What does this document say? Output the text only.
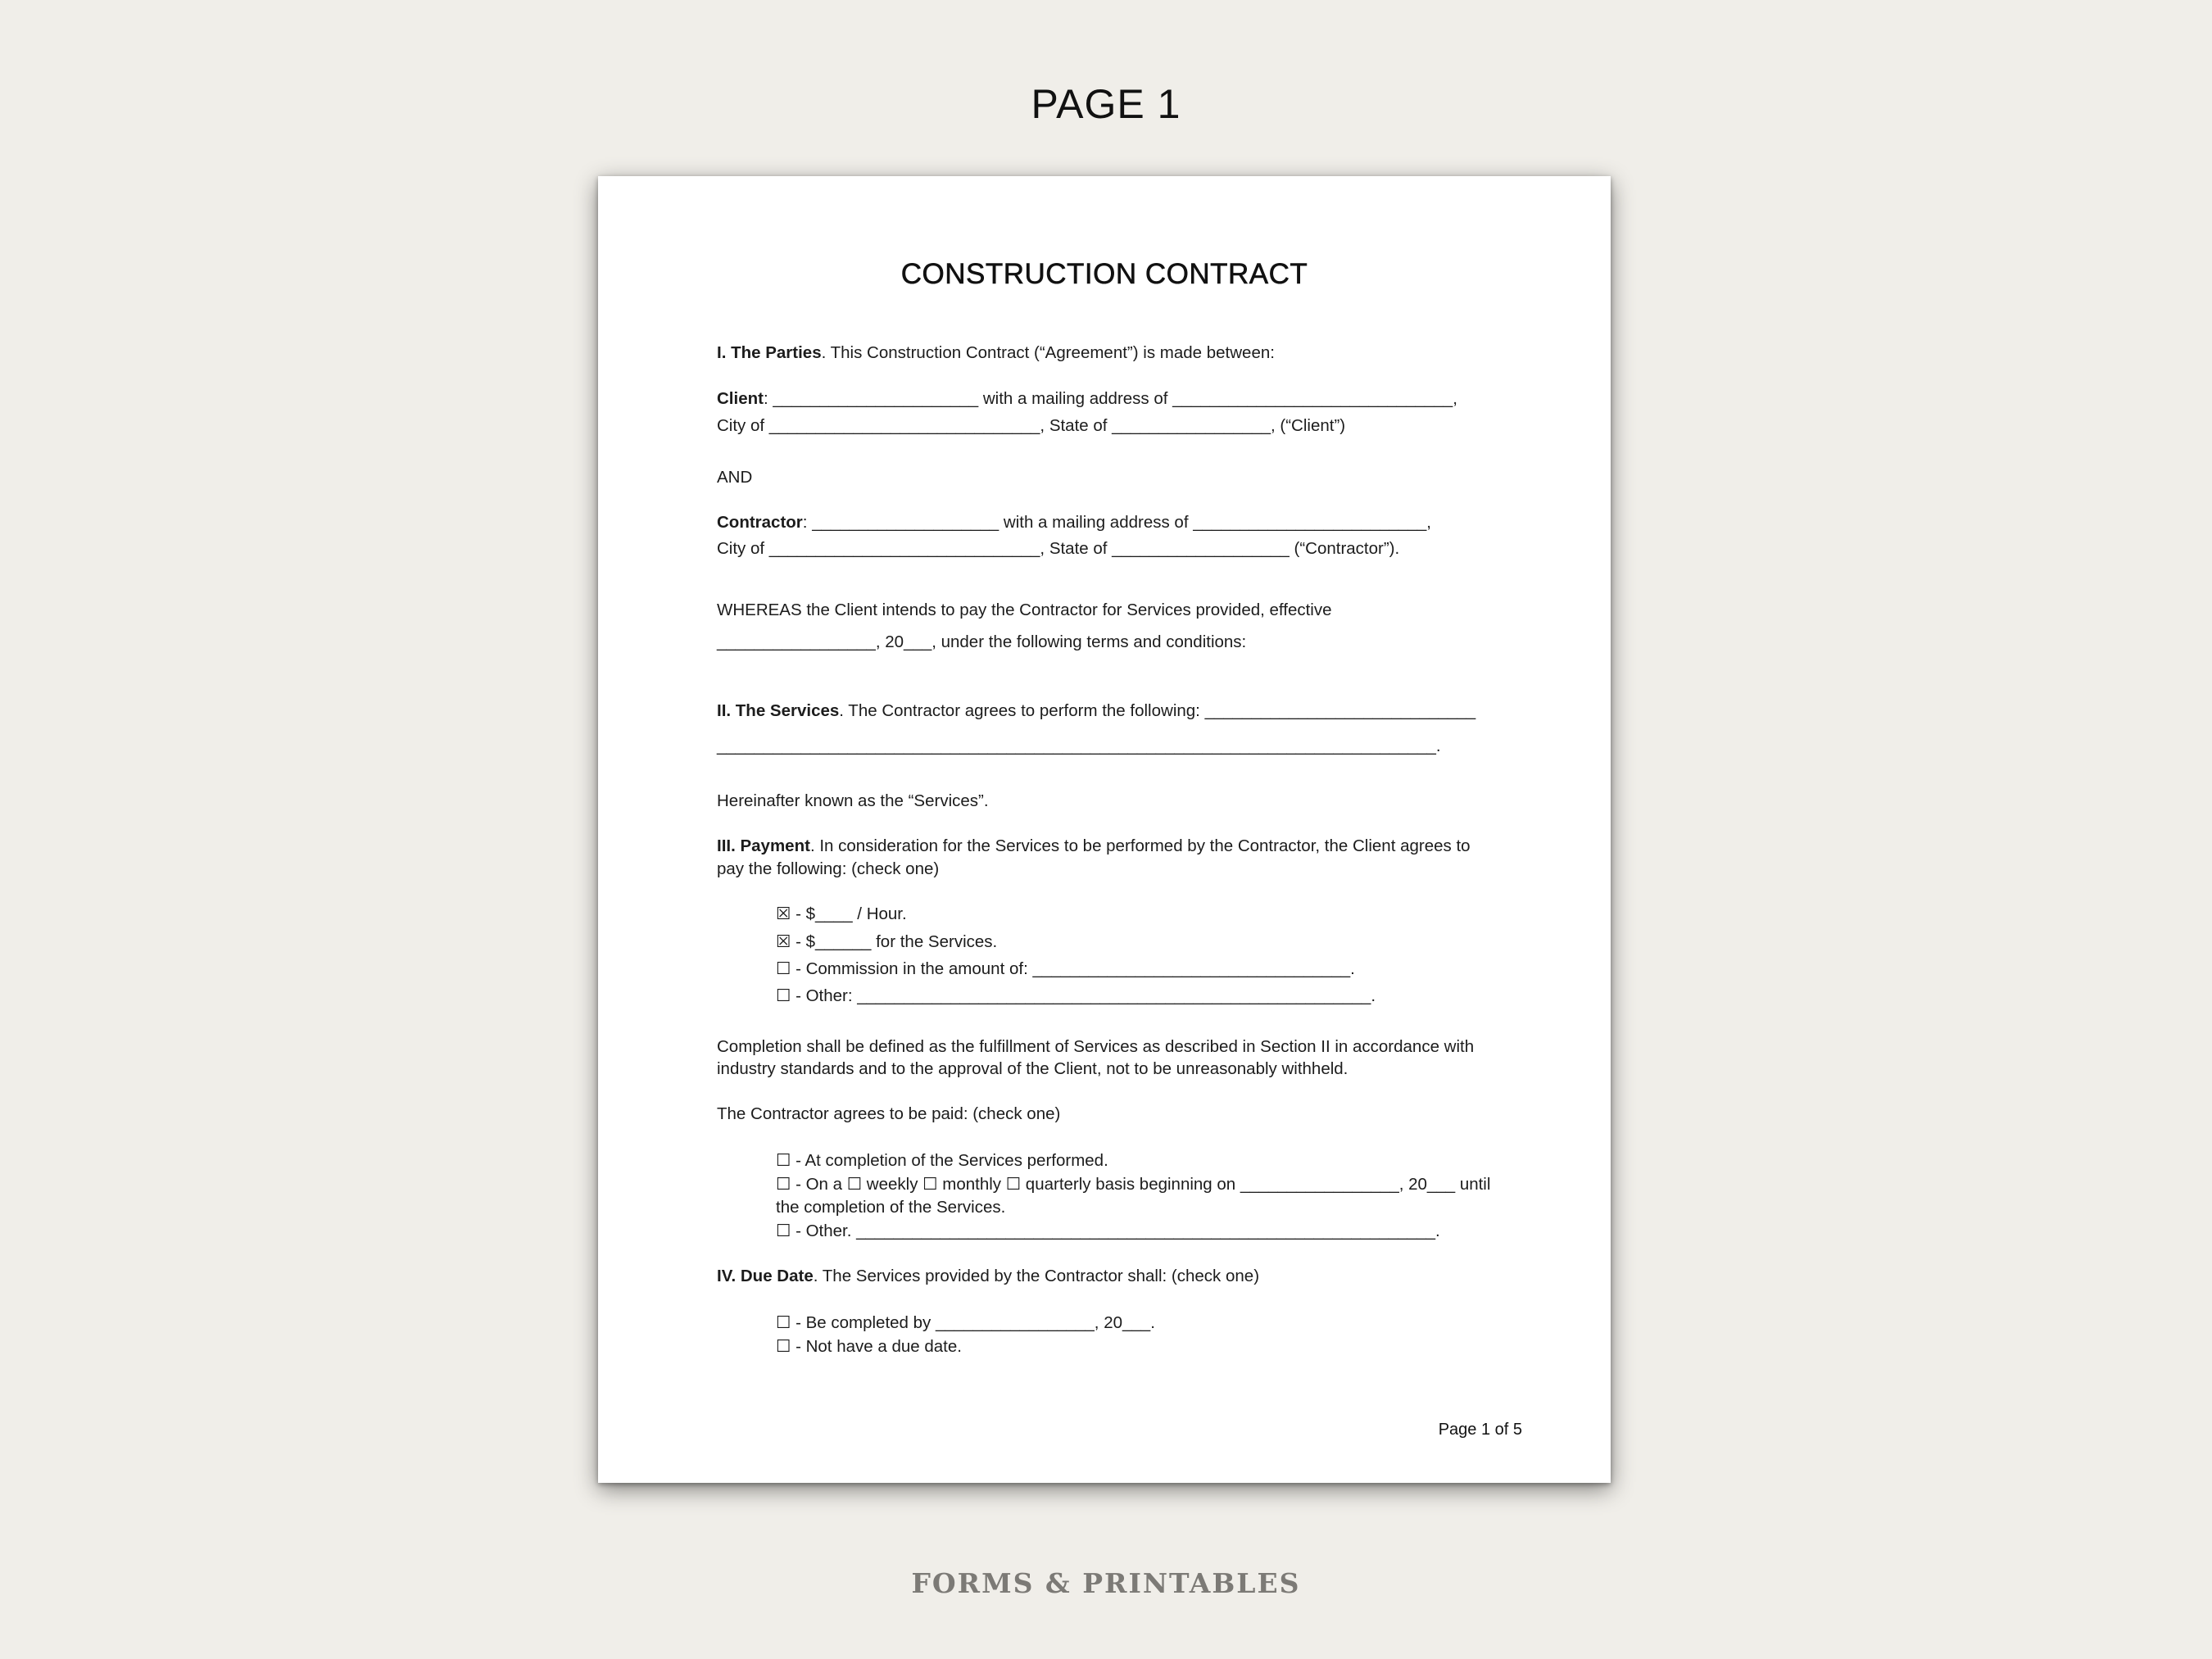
PAGE 1
CONSTRUCTION CONTRACT
I. The Parties. This Construction Contract (“Agreement”) is made between:
Client: ______________________ with a mailing address of ______________________________,
City of _____________________________, State of _________________, (“Client”)
AND
Contractor: ____________________ with a mailing address of _________________________,
City of _____________________________, State of ___________________ (“Contractor”).
WHEREAS the Client intends to pay the Contractor for Services provided, effective
_________________, 20___, under the following terms and conditions:
II. The Services. The Contractor agrees to perform the following: _____________________________
_____________________________________________________________________________.
Hereinafter known as the “Services”.
III. Payment. In consideration for the Services to be performed by the Contractor, the Client agrees to
pay the following: (check one)
☒ - $____ / Hour.
☒ - $______ for the Services.
☐ - Commission in the amount of: __________________________________.
☐ - Other: _______________________________________________________.
Completion shall be defined as the fulfillment of Services as described in Section II in accordance with
industry standards and to the approval of the Client, not to be unreasonably withheld.
The Contractor agrees to be paid: (check one)
☐ - At completion of the Services performed.
☐ - On a ☐ weekly ☐ monthly ☐ quarterly basis beginning on _________________, 20___ until
the completion of the Services.
☐ - Other. ______________________________________________________________.
IV. Due Date. The Services provided by the Contractor shall: (check one)
☐ - Be completed by _________________, 20___.
☐ - Not have a due date.
Page 1 of 5
FORMS & PRINTABLES
